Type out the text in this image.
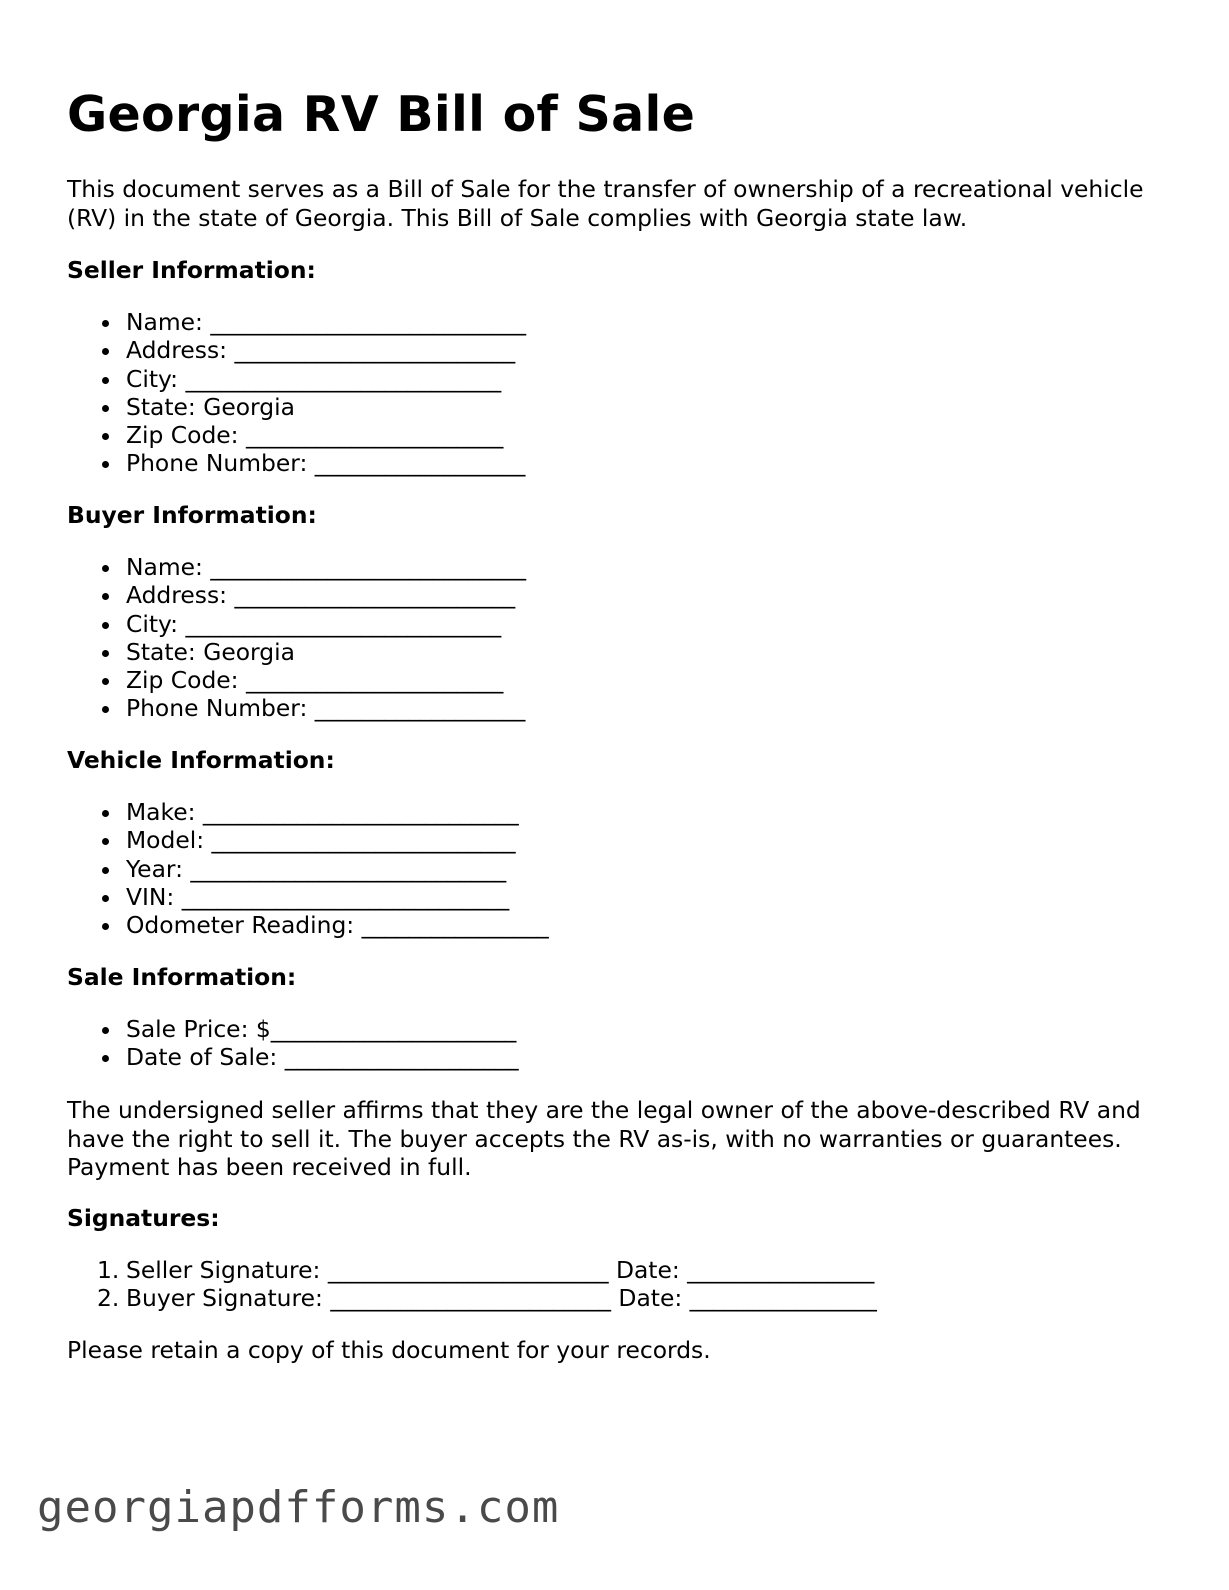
Georgia RV Bill of Sale

This document serves as a Bill of Sale for the transfer of ownership of a recreational vehicle (RV) in the state of Georgia. This Bill of Sale complies with Georgia state law.

Seller Information:

Name: ___________________________
Address: ________________________
City: ___________________________
State: Georgia
Zip Code: ______________________
Phone Number: __________________

Buyer Information:

Name: ___________________________
Address: ________________________
City: ___________________________
State: Georgia
Zip Code: ______________________
Phone Number: __________________

Vehicle Information:

Make: ___________________________
Model: __________________________
Year: ___________________________
VIN: ____________________________
Odometer Reading: ________________

Sale Information:

Sale Price: $_____________________
Date of Sale: ____________________

The undersigned seller affirms that they are the legal owner of the above-described RV and have the right to sell it. The buyer accepts the RV as-is, with no warranties or guarantees. Payment has been received in full.

Signatures:

1. Seller Signature: ________________________ Date: ________________
2. Buyer Signature: ________________________ Date: ________________

Please retain a copy of this document for your records.

georgiapdfforms.com
